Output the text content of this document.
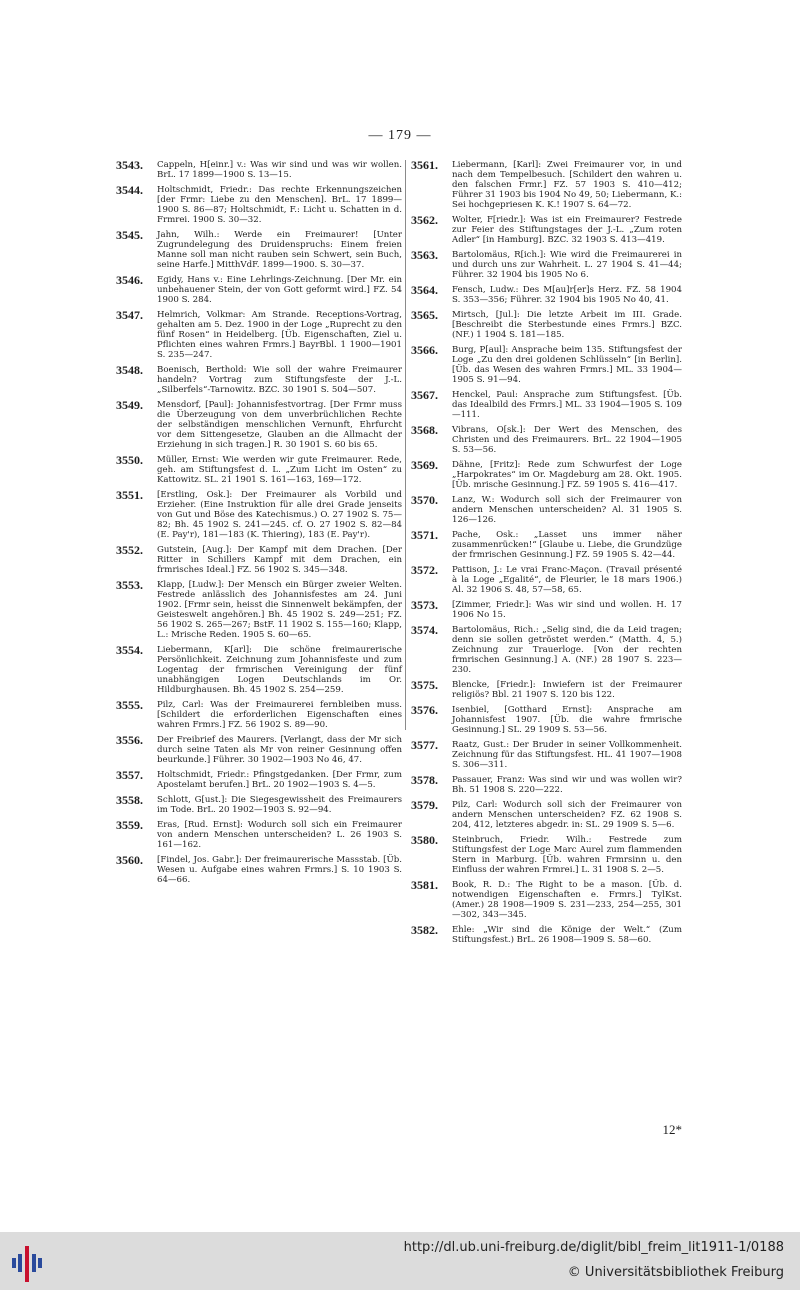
— 179 —
3543. Cappeln, H[einr.] v.: Was wir sind und was wir wollen. BrL. 17 1899—1900 S. 13—15.
3544. Holtschmidt, Friedr.: Das rechte Erkennungszeichen [der Frmr: Liebe zu den Menschen]. BrL. 17 1899—1900 S. 86—87; Holtschmidt, F.: Licht u. Schatten in d. Frmrei. 1900 S. 30—32.
3545. Jahn, Wilh.: Werde ein Freimaurer! [Unter Zugrundelegung des Druidenspruchs: Einem freien Manne soll man nicht rauben sein Schwert, sein Buch, seine Harfe.] MitthVdF. 1899—1900. S. 30—37.
3546. Egidy, Hans v.: Eine Lehrlings-Zeichnung. [Der Mr. ein unbehauener Stein, der von Gott geformt wird.] FZ. 54 1900 S. 284.
3547. Helmrich, Volkmar: Am Strande. Receptions-Vortrag, gehalten am 5. Dez. 1900 in der Loge „Ruprecht zu den fünf Rosen“ in Heidelberg. [Üb. Eigenschaften, Ziel u. Pflichten eines wahren Frmrs.] BayrBbl. 1 1900—1901 S. 235—247.
3548. Boenisch, Berthold: Wie soll der wahre Freimaurer handeln? Vortrag zum Stiftungsfeste der J.-L. „Silberfels“-Tarnowitz. BZC. 30 1901 S. 504—507.
3549. Mensdorf, [Paul]: Johannisfestvortrag. [Der Frmr muss die Überzeugung von dem unverbrüchlichen Rechte der selbständigen menschlichen Vernunft, Ehrfurcht vor dem Sittengesetze, Glauben an die Allmacht der Erziehung in sich tragen.] R. 30 1901 S. 60 bis 65.
3550. Müller, Ernst: Wie werden wir gute Freimaurer. Rede, geh. am Stiftungsfest d. L. „Zum Licht im Osten“ zu Kattowitz. SL. 21 1901 S. 161—163, 169—172.
3551. [Erstling, Osk.]: Der Freimaurer als Vorbild und Erzieher. (Eine Instruktion für alle drei Grade jenseits von Gut und Böse des Katechismus.) O. 27 1902 S. 75—82; Bh. 45 1902 S. 241—245. cf. O. 27 1902 S. 82—84 (E. Pay'r), 181—183 (K. Thiering), 183 (E. Pay'r).
3552. Gutstein, [Aug.]: Der Kampf mit dem Drachen. [Der Ritter in Schillers Kampf mit dem Drachen, ein frmrisches Ideal.] FZ. 56 1902 S. 345—348.
3553. Klapp, [Ludw.]: Der Mensch ein Bürger zweier Welten. Festrede anlässlich des Johannisfestes am 24. Juni 1902. [Frmr sein, heisst die Sinnenwelt bekämpfen, der Geisteswelt angehören.] Bh. 45 1902 S. 249—251; FZ. 56 1902 S. 265—267; BstF. 11 1902 S. 155—160; Klapp, L.: Mrische Reden. 1905 S. 60—65.
3554. Liebermann, K[arl]: Die schöne freimaurerische Persönlichkeit. Zeichnung zum Johannisfeste und zum Logentag der frmrischen Vereinigung der fünf unabhängigen Logen Deutschlands im Or. Hildburghausen. Bh. 45 1902 S. 254—259.
3555. Pilz, Carl: Was der Freimaurerei fernbleiben muss. [Schildert die erforderlichen Eigenschaften eines wahren Frmrs.] FZ. 56 1902 S. 89—90.
3556. Der Freibrief des Maurers. [Verlangt, dass der Mr sich durch seine Taten als Mr von reiner Gesinnung offen beurkunde.] Führer. 30 1902—1903 No 46, 47.
3557. Holtschmidt, Friedr.: Pfingstgedanken. [Der Frmr, zum Apostelamt berufen.] BrL. 20 1902—1903 S. 4—5.
3558. Schlott, G[ust.]: Die Siegesgewissheit des Freimaurers im Tode. BrL. 20 1902—1903 S. 92—94.
3559. Eras, [Rud. Ernst]: Wodurch soll sich ein Freimaurer von andern Menschen unterscheiden? L. 26 1903 S. 161—162.
3560. [Findel, Jos. Gabr.]: Der freimaurerische Massstab. [Üb. Wesen u. Aufgabe eines wahren Frmrs.] S. 10 1903 S. 64—66.
3561. Liebermann, [Karl]: Zwei Freimaurer vor, in und nach dem Tempelbesuch. [Schildert den wahren u. den falschen Frmr.] FZ. 57 1903 S. 410—412; Führer 31 1903 bis 1904 No 49, 50; Liebermann, K.: Sei hochgepriesen K. K.! 1907 S. 64—72.
3562. Wolter, F[riedr.]: Was ist ein Freimaurer? Festrede zur Feier des Stiftungstages der J.-L. „Zum roten Adler“ [in Hamburg]. BZC. 32 1903 S. 413—419.
3563. Bartolomäus, R[ich.]: Wie wird die Freimaurerei in und durch uns zur Wahrheit. L. 27 1904 S. 41—44; Führer. 32 1904 bis 1905 No 6.
3564. Fensch, Ludw.: Des M[au]r[er]s Herz. FZ. 58 1904 S. 353—356; Führer. 32 1904 bis 1905 No 40, 41.
3565. Mirtsch, [Jul.]: Die letzte Arbeit im III. Grade. [Beschreibt die Sterbestunde eines Frmrs.] BZC. (NF.) 1 1904 S. 181—185.
3566. Burg, P[aul]: Ansprache beim 135. Stiftungsfest der Loge „Zu den drei goldenen Schlüsseln“ [in Berlin]. [Üb. das Wesen des wahren Frmrs.] ML. 33 1904—1905 S. 91—94.
3567. Henckel, Paul: Ansprache zum Stiftungsfest. [Üb. das Idealbild des Frmrs.] ML. 33 1904—1905 S. 109—111.
3568. Vibrans, O[sk.]: Der Wert des Menschen, des Christen und des Freimaurers. BrL. 22 1904—1905 S. 53—56.
3569. Dähne, [Fritz]: Rede zum Schwurfest der Loge „Harpokrates“ im Or. Magdeburg am 28. Okt. 1905. [Üb. mrische Gesinnung.] FZ. 59 1905 S. 416—417.
3570. Lanz, W.: Wodurch soll sich der Freimaurer von andern Menschen unterscheiden? Al. 31 1905 S. 126—126.
3571. Pache, Osk.: „Lasset uns immer näher zusammenrücken!“ [Glaube u. Liebe, die Grundzüge der frmrischen Gesinnung.] FZ. 59 1905 S. 42—44.
3572. Pattison, J.: Le vrai Franc-Maçon. (Travail présenté à la Loge „Egalité“, de Fleurier, le 18 mars 1906.) Al. 32 1906 S. 48, 57—58, 65.
3573. [Zimmer, Friedr.]: Was wir sind und wollen. H. 17 1906 No 15.
3574. Bartolomäus, Rich.: „Selig sind, die da Leid tragen; denn sie sollen getröstet werden.“ (Matth. 4, 5.) Zeichnung zur Trauerloge. [Von der rechten frmrischen Gesinnung.] A. (NF.) 28 1907 S. 223—230.
3575. Blencke, [Friedr.]: Inwiefern ist der Freimaurer religiös? Bbl. 21 1907 S. 120 bis 122.
3576. Isenbiel, [Gotthard Ernst]: Ansprache am Johannisfest 1907. [Üb. die wahre frmrische Gesinnung.] SL. 29 1909 S. 53—56.
3577. Raatz, Gust.: Der Bruder in seiner Vollkommenheit. Zeichnung für das Stiftungsfest. HL. 41 1907—1908 S. 306—311.
3578. Passauer, Franz: Was sind wir und was wollen wir? Bh. 51 1908 S. 220—222.
3579. Pilz, Carl: Wodurch soll sich der Freimaurer von andern Menschen unterscheiden? FZ. 62 1908 S. 204, 412, letzteres abgedr. in: SL. 29 1909 S. 5—6.
3580. Steinbruch, Friedr. Wilh.: Festrede zum Stiftungsfest der Loge Marc Aurel zum flammenden Stern in Marburg. [Üb. wahren Frmrsinn u. den Einfluss der wahren Frmrei.] L. 31 1908 S. 2—5.
3581. Book, R. D.: The Right to be a mason. [Üb. d. notwendigen Eigenschaften e. Frmrs.] TylKst. (Amer.) 28 1908—1909 S. 231—233, 254—255, 301—302, 343—345.
3582. Ehle: „Wir sind die Könige der Welt.“ (Zum Stiftungsfest.) BrL. 26 1908—1909 S. 58—60.
12*
http://dl.ub.uni-freiburg.de/diglit/bibl_freim_lit1911-1/0188
© Universitätsbibliothek Freiburg
